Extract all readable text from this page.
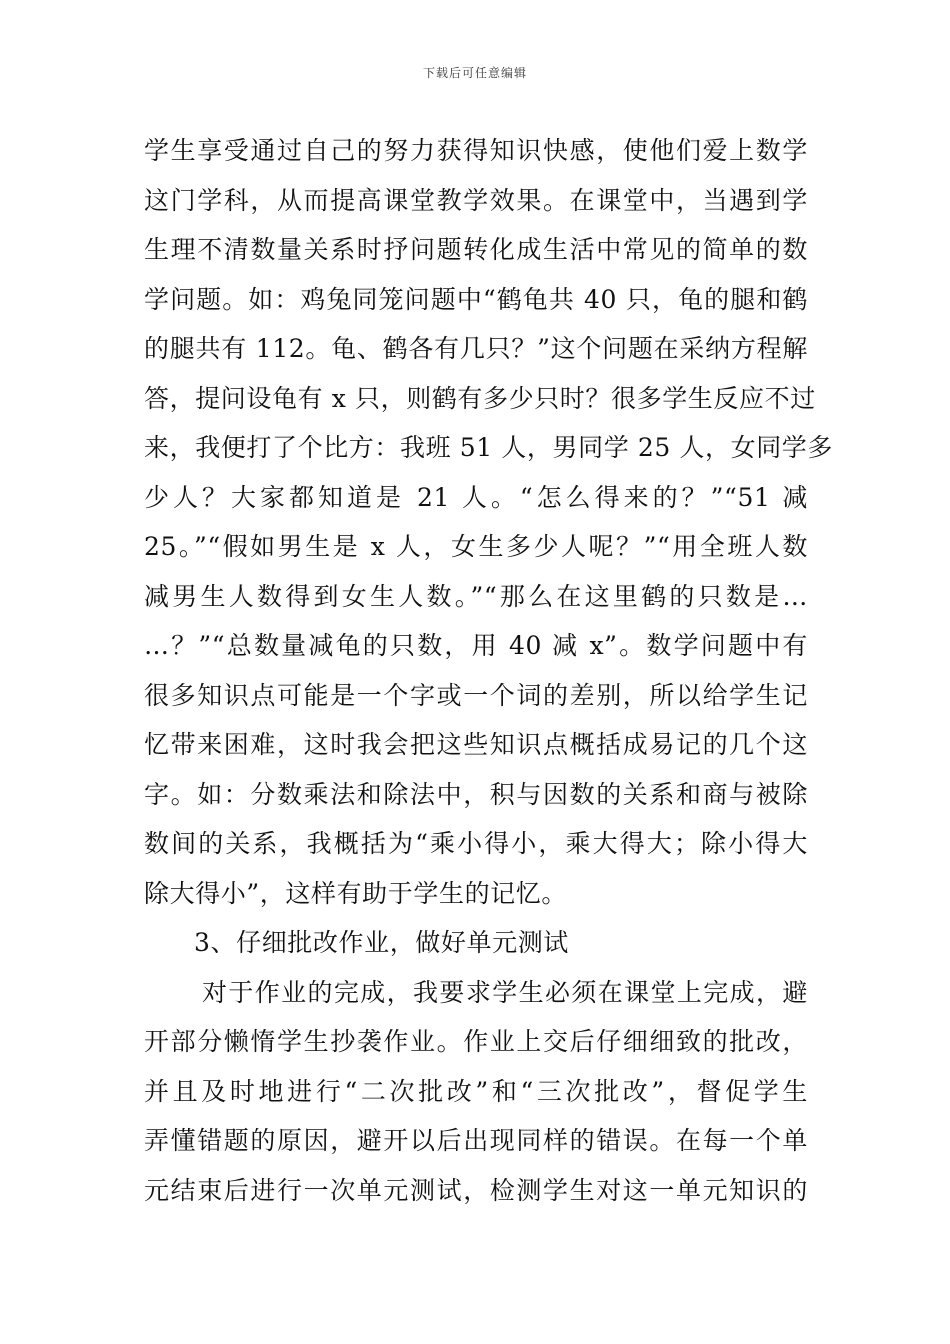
下载后可任意编辑
学生享受通过自己的努力获得知识快感，使他们爱上数学
这门学科，从而提高课堂教学效果。在课堂中，当遇到学
生理不清数量关系时抒问题转化成生活中常见的简单的数
学问题。如：鸡兔同笼问题中“鹤龟共 40 只，龟的腿和鹤
的腿共有 112。龟、鹤各有几只？”这个问题在采纳方程解
答，提问设龟有 x 只，则鹤有多少只时？很多学生反应不过
来，我便打了个比方：我班 51 人，男同学 25 人，女同学多
少人？大家都知道是 21 人。“怎么得来的？”“51 减
25。”“假如男生是 x 人，女生多少人呢？”“用全班人数
减男生人数得到女生人数。”“那么在这里鹤的只数是…
…？”“总数量减龟的只数，用 40 减 x”。数学问题中有
很多知识点可能是一个字或一个词的差别，所以给学生记
忆带来困难，这时我会把这些知识点概括成易记的几个这
字。如：分数乘法和除法中，积与因数的关系和商与被除
数间的关系，我概括为“乘小得小，乘大得大；除小得大
除大得小”，这样有助于学生的记忆。
3、仔细批改作业，做好单元测试
对于作业的完成，我要求学生必须在课堂上完成，避
开部分懒惰学生抄袭作业。作业上交后仔细细致的批改，
并且及时地进行“二次批改”和“三次批改”，督促学生
弄懂错题的原因，避开以后出现同样的错误。在每一个单
元结束后进行一次单元测试，检测学生对这一单元知识的
